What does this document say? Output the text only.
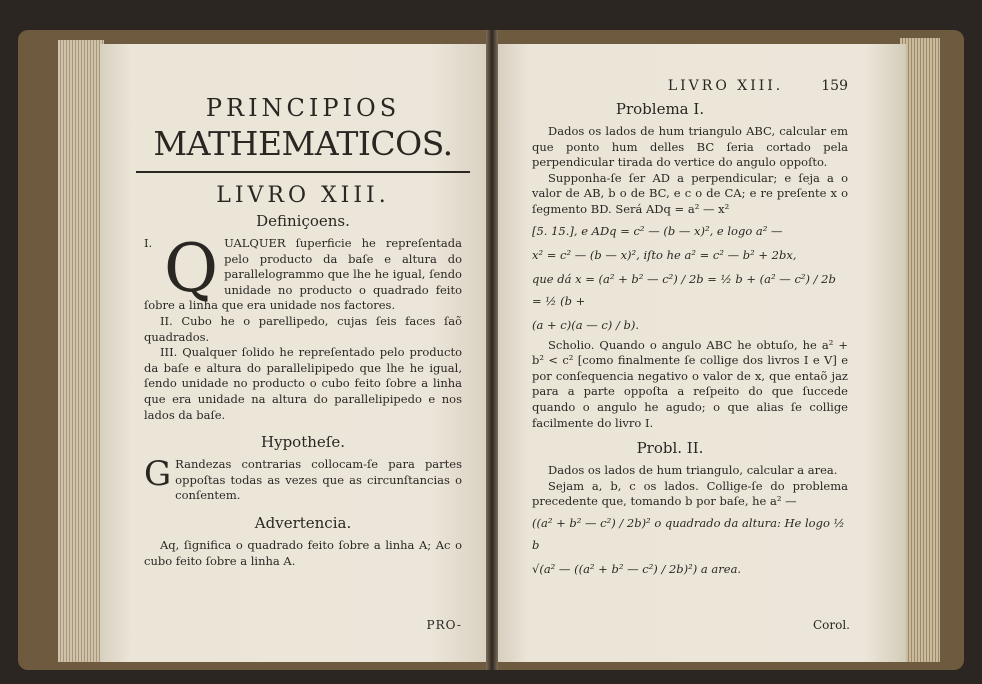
PRINCIPIOS

MATHEMATICOS.

LIVRO XIII.

Definiçoens.

I. Q UALQUER ſuperficie he repreſentada pelo producto da baſe e altura do parallelogrammo que lhe he igual, ſendo unidade no producto o quadrado feito ſobre a linha que era unidade nos factores.

II. Cubo he o parellipedo, cujas ſeis faces ſaõ quadrados.

III. Qualquer ſolido he repreſentado pelo producto da baſe e altura do parallelipipedo que lhe he igual, ſendo unidade no producto o cubo feito ſobre a linha que era unidade na altura do parallelipipedo e nos lados da baſe.

Hypotheſe.

G Randezas contrarias collocam-ſe para partes oppoſtas todas as vezes que as circunſtancias o conſentem.

Advertencia.

Aq, ſignifica o quadrado feito ſobre a linha A; Ac o cubo feito ſobre a linha A.

PRO-
LIVRO XIII.	159

Problema I.

Dados os lados de hum triangulo ABC, calcular em que ponto hum delles BC ſeria cortado pela perpendicular tirada do vertice do angulo oppoſto.

Supponha-ſe ſer AD a perpendicular; e ſeja a o valor de AB, b o de BC, e c o de CA; e re preſente x o ſegmento BD. Será ADq = a² — x²

[5. 15.], e ADq = c² — (b — x)², e logo a² —

x² = c² — (b — x)², iſto he a² = c² — b² + 2bx,

que dá x = (a² + b² — c²) / 2b = ½ b + (a² — c²) / 2b = ½ (b +

(a + c)(a — c) / b).

Scholio. Quando o angulo ABC he obtuſo, he a² + b² < c² [como finalmente ſe collige dos livros I e V] e por conſequencia negativo o valor de x, que entaõ jaz para a parte oppoſta a reſpeito do que ſuccede quando o angulo he agudo; o que alias ſe collige facilmente do livro I.

Probl. II.

Dados os lados de hum triangulo, calcular a area.

Sejam a, b, c os lados. Collige-ſe do problema precedente que, tomando b por baſe, he a² —

((a² + b² — c²) / 2b)² o quadrado da altura: He logo ½ b

√(a² — ((a² + b² — c²) / 2b)²) a area.

Corol.
